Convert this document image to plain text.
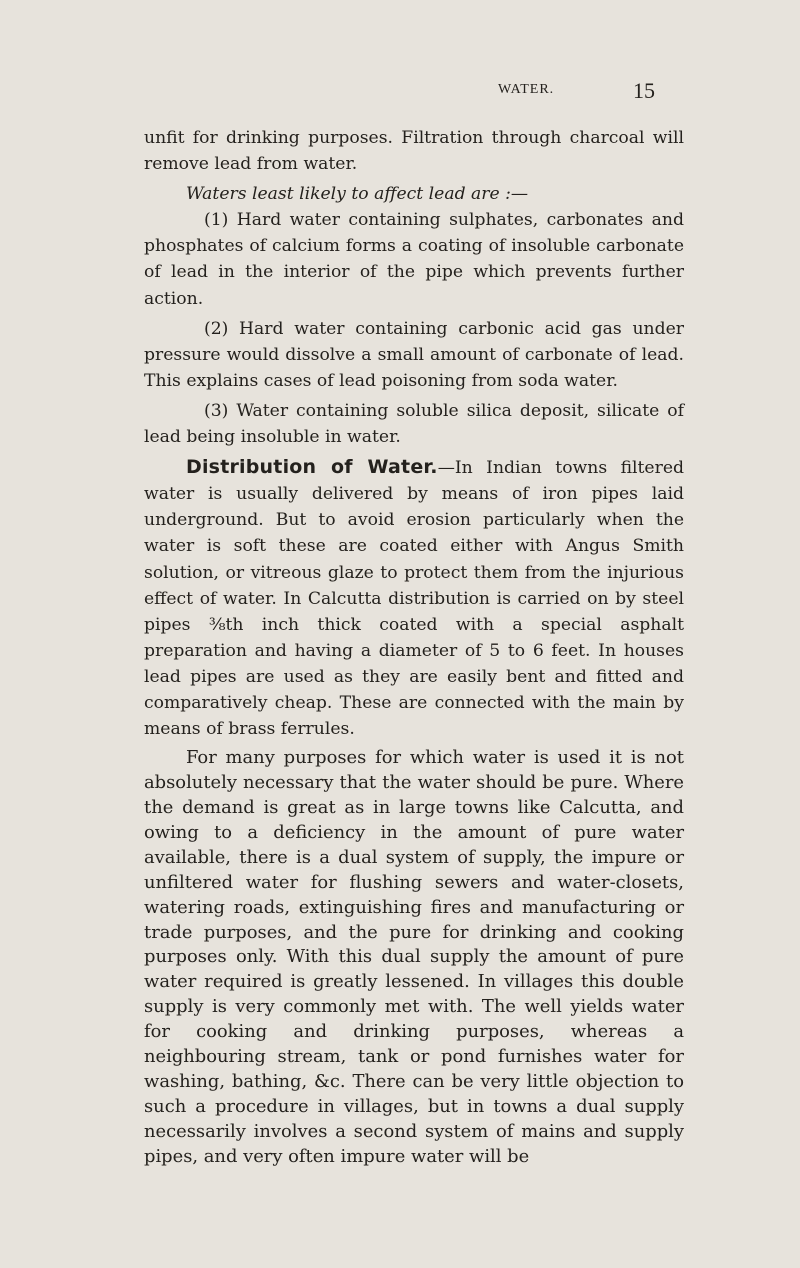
WATER.	15

unfit for drinking purposes. Filtration through charcoal will remove lead from water.

Waters least likely to affect lead are :—

(1) Hard water containing sulphates, carbonates and phosphates of calcium forms a coating of insoluble carbonate of lead in the interior of the pipe which prevents further action.

(2) Hard water containing carbonic acid gas under pressure would dissolve a small amount of carbonate of lead. This explains cases of lead poisoning from soda water.

(3) Water containing soluble silica deposit, silicate of lead being insoluble in water.

Distribution of Water.—In Indian towns filtered water is usually delivered by means of iron pipes laid underground. But to avoid erosion particularly when the water is soft these are coated either with Angus Smith solution, or vitreous glaze to protect them from the injurious effect of water. In Calcutta distribution is carried on by steel pipes ⅜th inch thick coated with a special asphalt preparation and having a diameter of 5 to 6 feet. In houses lead pipes are used as they are easily bent and fitted and comparatively cheap. These are connected with the main by means of brass ferrules.

For many purposes for which water is used it is not absolutely necessary that the water should be pure. Where the demand is great as in large towns like Calcutta, and owing to a deficiency in the amount of pure water available, there is a dual system of supply, the impure or unfiltered water for flushing sewers and water-closets, watering roads, extinguishing fires and manufacturing or trade purposes, and the pure for drinking and cooking purposes only. With this dual supply the amount of pure water required is greatly lessened. In villages this double supply is very commonly met with. The well yields water for cooking and drinking purposes, whereas a neighbouring stream, tank or pond furnishes water for washing, bathing, &c. There can be very little objection to such a procedure in villages, but in towns a dual supply necessarily involves a second system of mains and supply pipes, and very often impure water will be
